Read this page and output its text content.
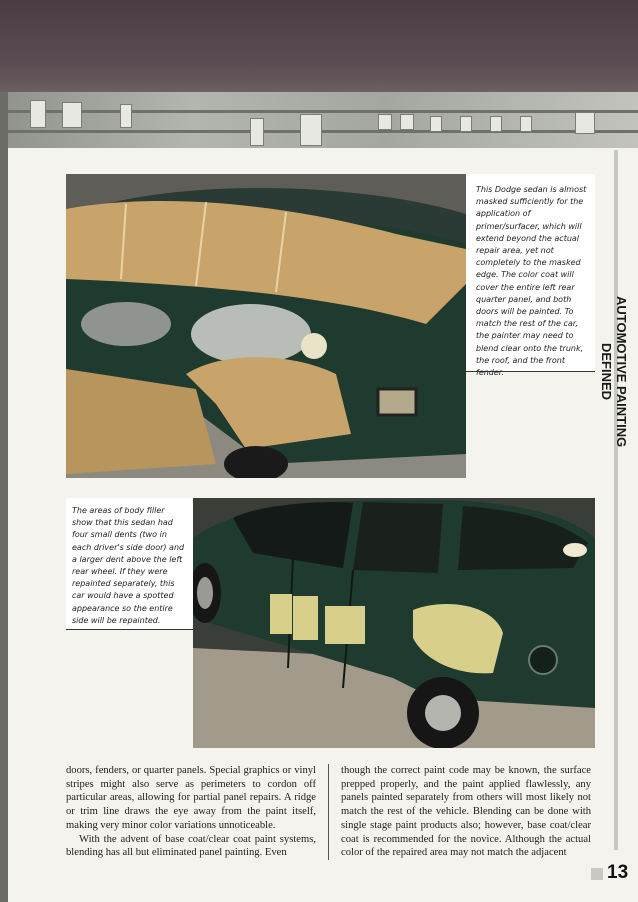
This Dodge sedan is almost masked sufficiently for the application of primer/surfacer, which will extend beyond the actual repair area, yet not completely to the masked edge. The color coat will cover the entire left rear quarter panel, and both doors will be painted. To match the rest of the car, the painter may need to blend clear onto the trunk, the roof, and the front fender.
The areas of body filler show that this sedan had four small dents (two in each driver's side door) and a larger dent above the left rear wheel. If they were repainted separately, this car would have a spotted appearance so the entire side will be repainted.
AUTOMOTIVE PAINTING DEFINED

doors, fenders, or quarter panels. Special graphics or vinyl stripes might also serve as perimeters to cordon off particular areas, allowing for partial panel repairs. A ridge or trim line draws the eye away from the paint itself, making very minor color variations unnoticeable.

With the advent of base coat/clear coat paint systems, blending has all but eliminated panel painting. Even

though the correct paint code may be known, the surface prepped properly, and the paint applied flawlessly, any panels painted separately from others will most likely not match the rest of the vehicle. Blending can be done with single stage paint products also; however, base coat/clear coat is recommended for the novice. Although the actual color of the repaired area may not match the adjacent

13
